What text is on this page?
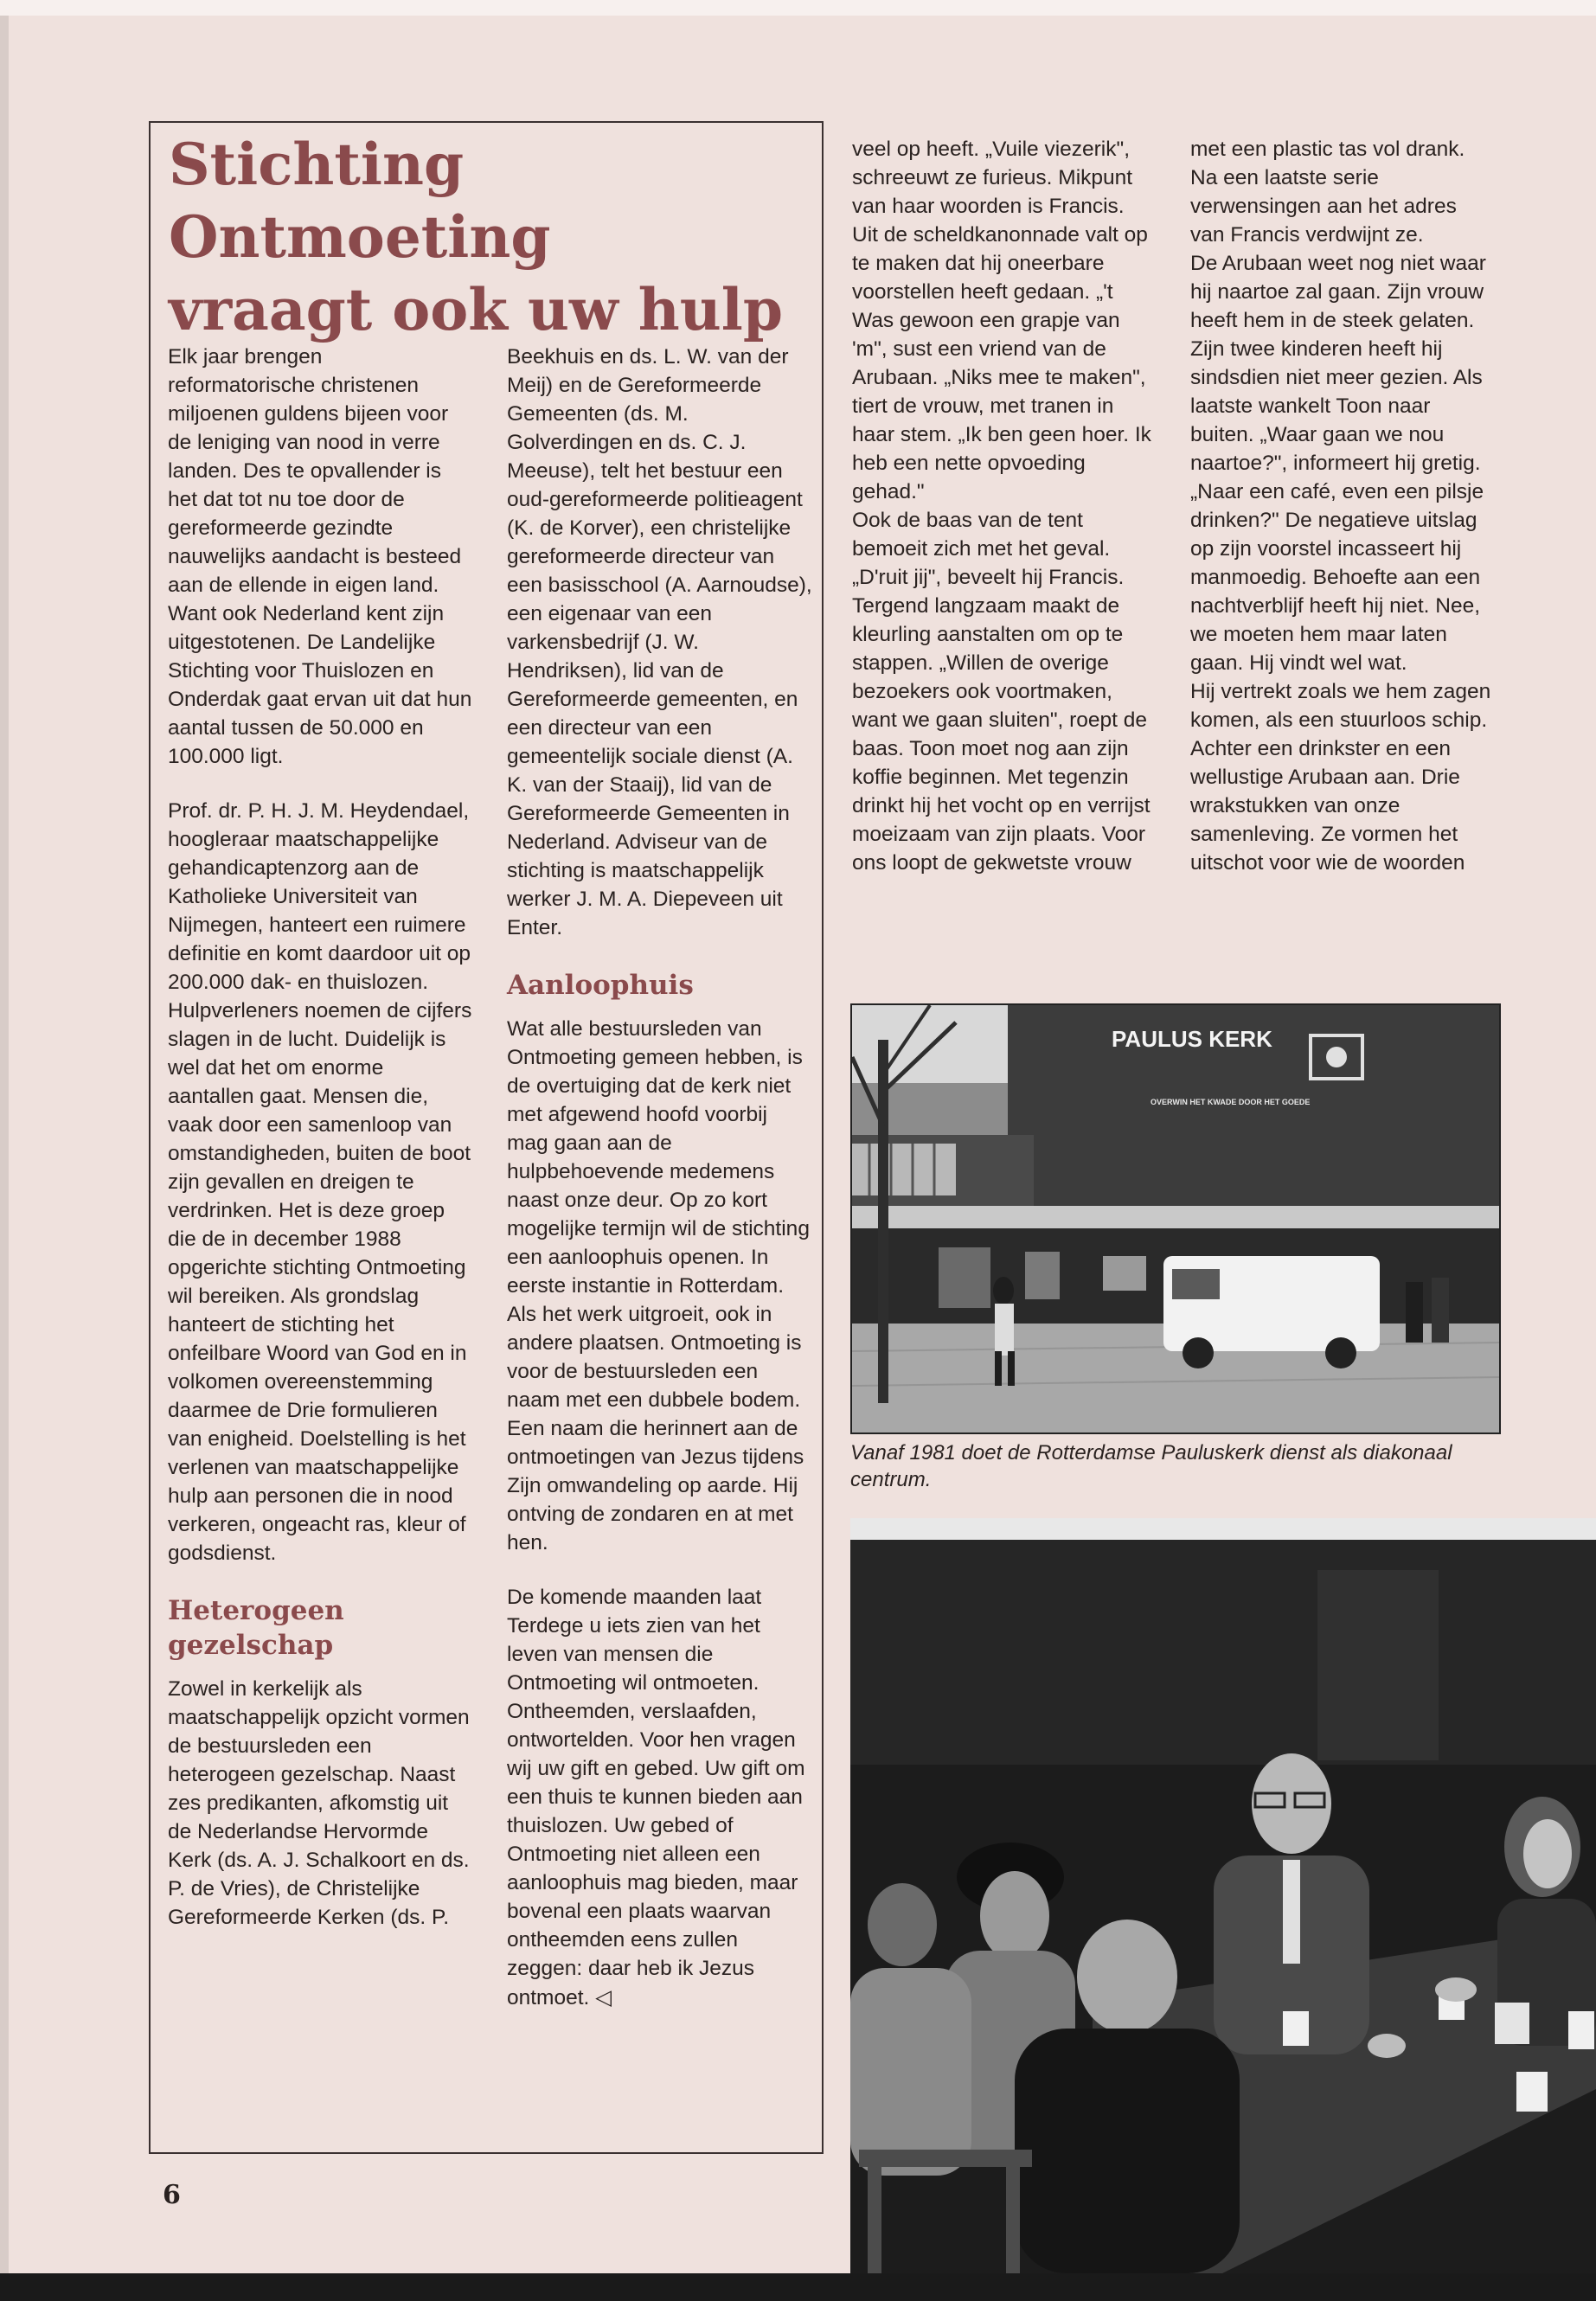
Stichting Ontmoeting
vraagt ook uw hulp

Elk jaar brengen reformatorische christenen miljoenen guldens bijeen voor de leniging van nood in verre landen. Des te opvallender is het dat tot nu toe door de gereformeerde gezindte nauwelijks aandacht is besteed aan de ellende in eigen land. Want ook Nederland kent zijn uitgestotenen. De Landelijke Stichting voor Thuislozen en Onderdak gaat ervan uit dat hun aantal tussen de 50.000 en 100.000 ligt.

Prof. dr. P. H. J. M. Heydendael, hoogleraar maatschappelijke gehandicaptenzorg aan de Katholieke Universiteit van Nijmegen, hanteert een ruimere definitie en komt daardoor uit op 200.000 dak- en thuislozen.

Hulpverleners noemen de cijfers slagen in de lucht. Duidelijk is wel dat het om enorme aantallen gaat. Mensen die, vaak door een samenloop van omstandigheden, buiten de boot zijn gevallen en dreigen te verdrinken. Het is deze groep die de in december 1988 opgerichte stichting Ontmoeting wil bereiken. Als grondslag hanteert de stichting het onfeilbare Woord van God en in volkomen overeenstemming daarmee de Drie formulieren van enigheid. Doelstelling is het verlenen van maatschappelijke hulp aan personen die in nood verkeren, ongeacht ras, kleur of godsdienst.

Heterogeen gezelschap

Zowel in kerkelijk als maatschappelijk opzicht vormen de bestuursleden een heterogeen gezelschap. Naast zes predikanten, afkomstig uit de Nederlandse Hervormde Kerk (ds. A. J. Schalkoort en ds. P. de Vries), de Christelijke Gereformeerde Kerken (ds. P.

Beekhuis en ds. L. W. van der Meij) en de Gereformeerde Gemeenten (ds. M. Golverdingen en ds. C. J. Meeuse), telt het bestuur een oud-gereformeerde politieagent (K. de Korver), een christelijke gereformeerde directeur van een basisschool (A. Aarnoudse), een eigenaar van een varkensbedrijf (J. W. Hendriksen), lid van de Gereformeerde gemeenten, en een directeur van een gemeentelijk sociale dienst (A. K. van der Staaij), lid van de Gereformeerde Gemeenten in Nederland. Adviseur van de stichting is maatschappelijk werker J. M. A. Diepeveen uit Enter.

Aanloophuis

Wat alle bestuursleden van Ontmoeting gemeen hebben, is de overtuiging dat de kerk niet met afgewend hoofd voorbij mag gaan aan de hulpbehoevende medemens naast onze deur. Op zo kort mogelijke termijn wil de stichting een aanloophuis openen. In eerste instantie in Rotterdam. Als het werk uitgroeit, ook in andere plaatsen. Ontmoeting is voor de bestuursleden een naam met een dubbele bodem. Een naam die herinnert aan de ontmoetingen van Jezus tijdens Zijn omwandeling op aarde. Hij ontving de zondaren en at met hen.

De komende maanden laat Terdege u iets zien van het leven van mensen die Ontmoeting wil ontmoeten. Ontheemden, verslaafden, ontwortelden. Voor hen vragen wij uw gift en gebed. Uw gift om een thuis te kunnen bieden aan thuislozen. Uw gebed of Ontmoeting niet alleen een aanloophuis mag bieden, maar bovenal een plaats waarvan ontheemden eens zullen zeggen: daar heb ik Jezus ontmoet. ◁

veel op heeft. „Vuile viezerik", schreeuwt ze furieus. Mikpunt van haar woorden is Francis. Uit de scheldkanonnade valt op te maken dat hij oneerbare voorstellen heeft gedaan. „'t Was gewoon een grapje van 'm", sust een vriend van de Arubaan. „Niks mee te maken", tiert de vrouw, met tranen in haar stem. „Ik ben geen hoer. Ik heb een nette opvoeding gehad."

Ook de baas van de tent bemoeit zich met het geval. „D'ruit jij", beveelt hij Francis. Tergend langzaam maakt de kleurling aanstalten om op te stappen. „Willen de overige bezoekers ook voortmaken, want we gaan sluiten", roept de baas. Toon moet nog aan zijn koffie beginnen. Met tegenzin drinkt hij het vocht op en verrijst moeizaam van zijn plaats. Voor ons loopt de gekwetste vrouw

met een plastic tas vol drank. Na een laatste serie verwensingen aan het adres van Francis verdwijnt ze.

De Arubaan weet nog niet waar hij naartoe zal gaan. Zijn vrouw heeft hem in de steek gelaten. Zijn twee kinderen heeft hij sindsdien niet meer gezien. Als laatste wankelt Toon naar buiten. „Waar gaan we nou naartoe?", informeert hij gretig. „Naar een café, even een pilsje drinken?" De negatieve uitslag op zijn voorstel incasseert hij manmoedig. Behoefte aan een nachtverblijf heeft hij niet. Nee, we moeten hem maar laten gaan. Hij vindt wel wat.

Hij vertrekt zoals we hem zagen komen, als een stuurloos schip. Achter een drinkster en een wellustige Arubaan aan. Drie wrakstukken van onze samenleving. Ze vormen het uitschot voor wie de woorden

PAULUS KERK
OVERWIN HET KWADE DOOR HET GOEDE

Vanaf 1981 doet de Rotterdamse Pauluskerk dienst als diakonaal centrum.

6
